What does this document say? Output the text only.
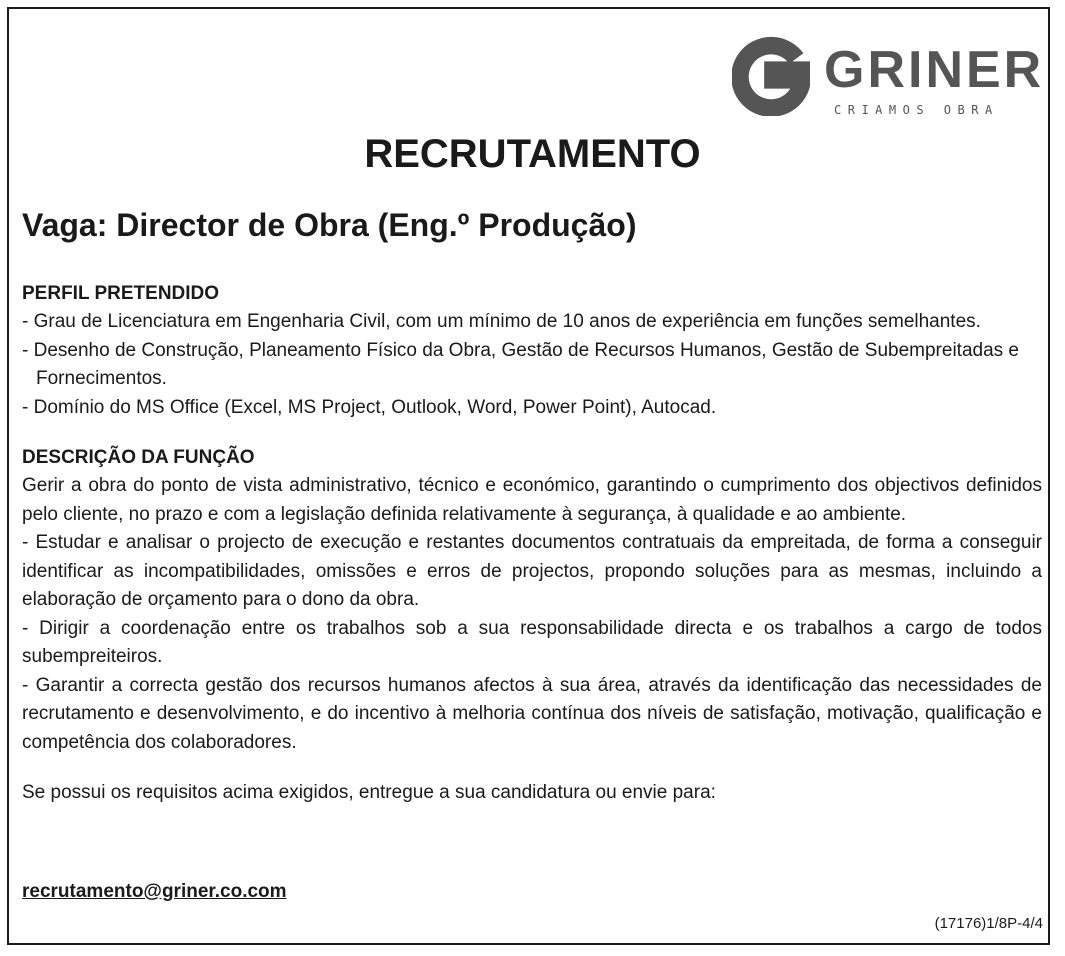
GRINER
CRIAMOS OBRA
RECRUTAMENTO
Vaga: Director de Obra (Eng.º Produção)
PERFIL PRETENDIDO
- Grau de Licenciatura em Engenharia Civil, com um mínimo de 10 anos de experiência em funções semelhantes.
- Desenho de Construção, Planeamento Físico da Obra, Gestão de Recursos Humanos, Gestão de Subempreitadas e Fornecimentos.
- Domínio do MS Office (Excel, MS Project, Outlook, Word, Power Point), Autocad.
DESCRIÇÃO DA FUNÇÃO
Gerir a obra do ponto de vista administrativo, técnico e económico, garantindo o cumprimento dos objectivos definidos pelo cliente, no prazo e com a legislação definida relativamente à segurança, à qualidade e ao ambiente.
- Estudar e analisar o projecto de execução e restantes documentos contratuais da empreitada, de forma a conseguir identificar as incompatibilidades, omissões e erros de projectos, propondo soluções para as mesmas, incluindo a elaboração de orçamento para o dono da obra.
- Dirigir a coordenação entre os trabalhos sob a sua responsabilidade directa e os trabalhos a cargo de todos subempreiteiros.
- Garantir a correcta gestão dos recursos humanos afectos à sua área, através da identificação das necessidades de recrutamento e desenvolvimento, e do incentivo à melhoria contínua dos níveis de satisfação, motivação, qualificação e competência dos colaboradores.
Se possui os requisitos acima exigidos, entregue a sua candidatura ou envie para:
recrutamento@griner.co.com
(17176)1/8P-4/4
